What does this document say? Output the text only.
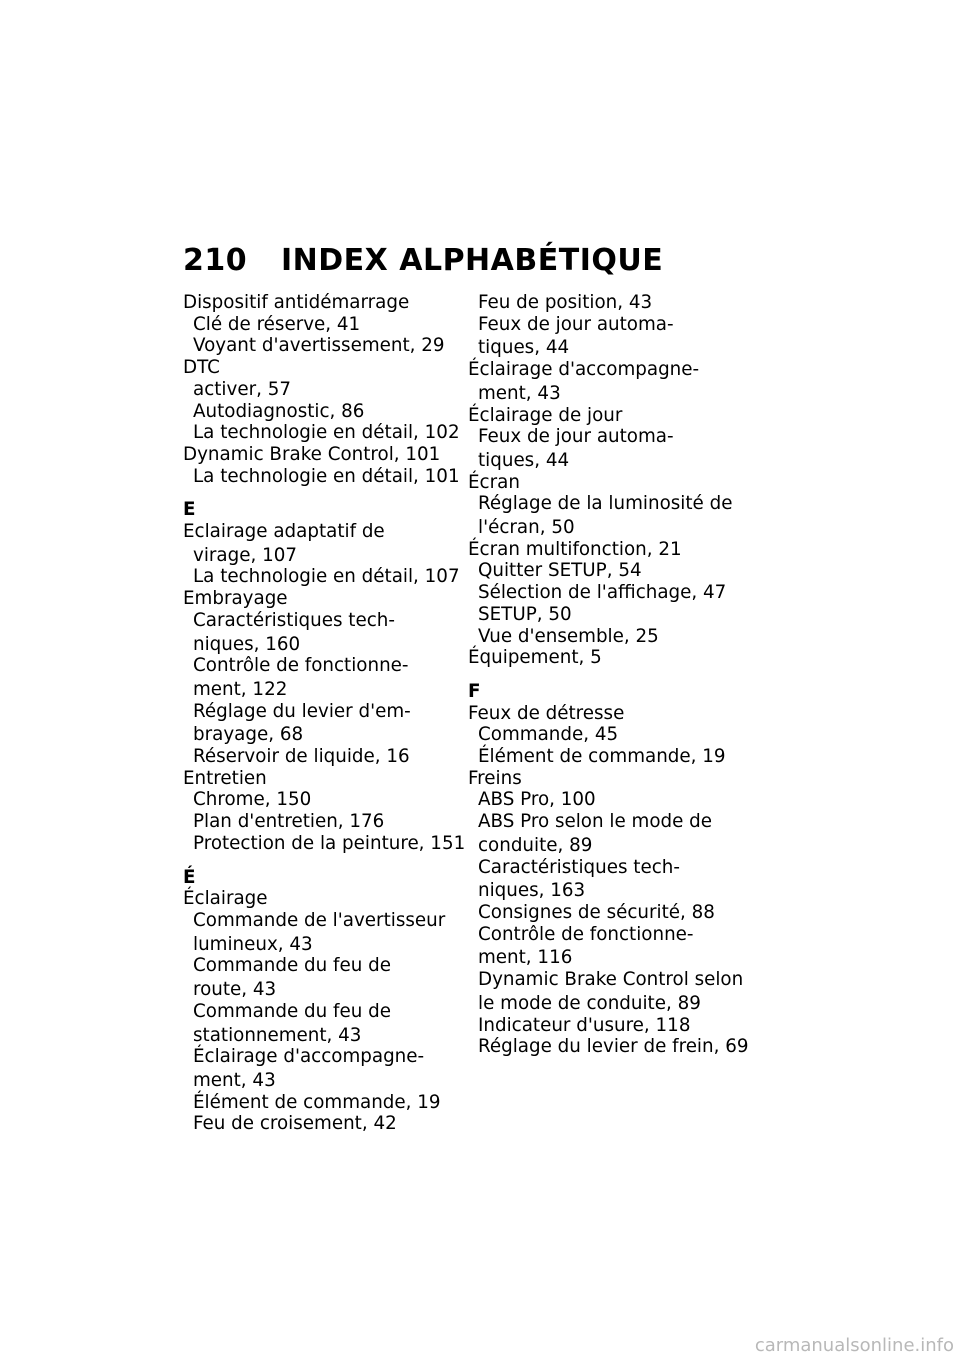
210 INDEX ALPHABÉTIQUE
Dispositif antidémarrage
Clé de réserve, 41
Voyant d'avertissement, 29
DTC
activer, 57
Autodiagnostic, 86
La technologie en détail, 102
Dynamic Brake Control, 101
La technologie en détail, 101
E
Eclairage adaptatif de
virage, 107
La technologie en détail, 107
Embrayage
Caractéristiques tech-
niques, 160
Contrôle de fonctionne-
ment, 122
Réglage du levier d'em-
brayage, 68
Réservoir de liquide, 16
Entretien
Chrome, 150
Plan d'entretien, 176
Protection de la peinture, 151
É
Éclairage
Commande de l'avertisseur
lumineux, 43
Commande du feu de
route, 43
Commande du feu de
stationnement, 43
Éclairage d'accompagne-
ment, 43
Élément de commande, 19
Feu de croisement, 42
Feu de position, 43
Feux de jour automa-
tiques, 44
Éclairage d'accompagne-
ment, 43
Éclairage de jour
Feux de jour automa-
tiques, 44
Écran
Réglage de la luminosité de
l'écran, 50
Écran multifonction, 21
Quitter SETUP, 54
Sélection de l'affichage, 47
SETUP, 50
Vue d'ensemble, 25
Équipement, 5
F
Feux de détresse
Commande, 45
Élément de commande, 19
Freins
ABS Pro, 100
ABS Pro selon le mode de
conduite, 89
Caractéristiques tech-
niques, 163
Consignes de sécurité, 88
Contrôle de fonctionne-
ment, 116
Dynamic Brake Control selon
le mode de conduite, 89
Indicateur d'usure, 118
Réglage du levier de frein, 69
carmanualsonline.info
